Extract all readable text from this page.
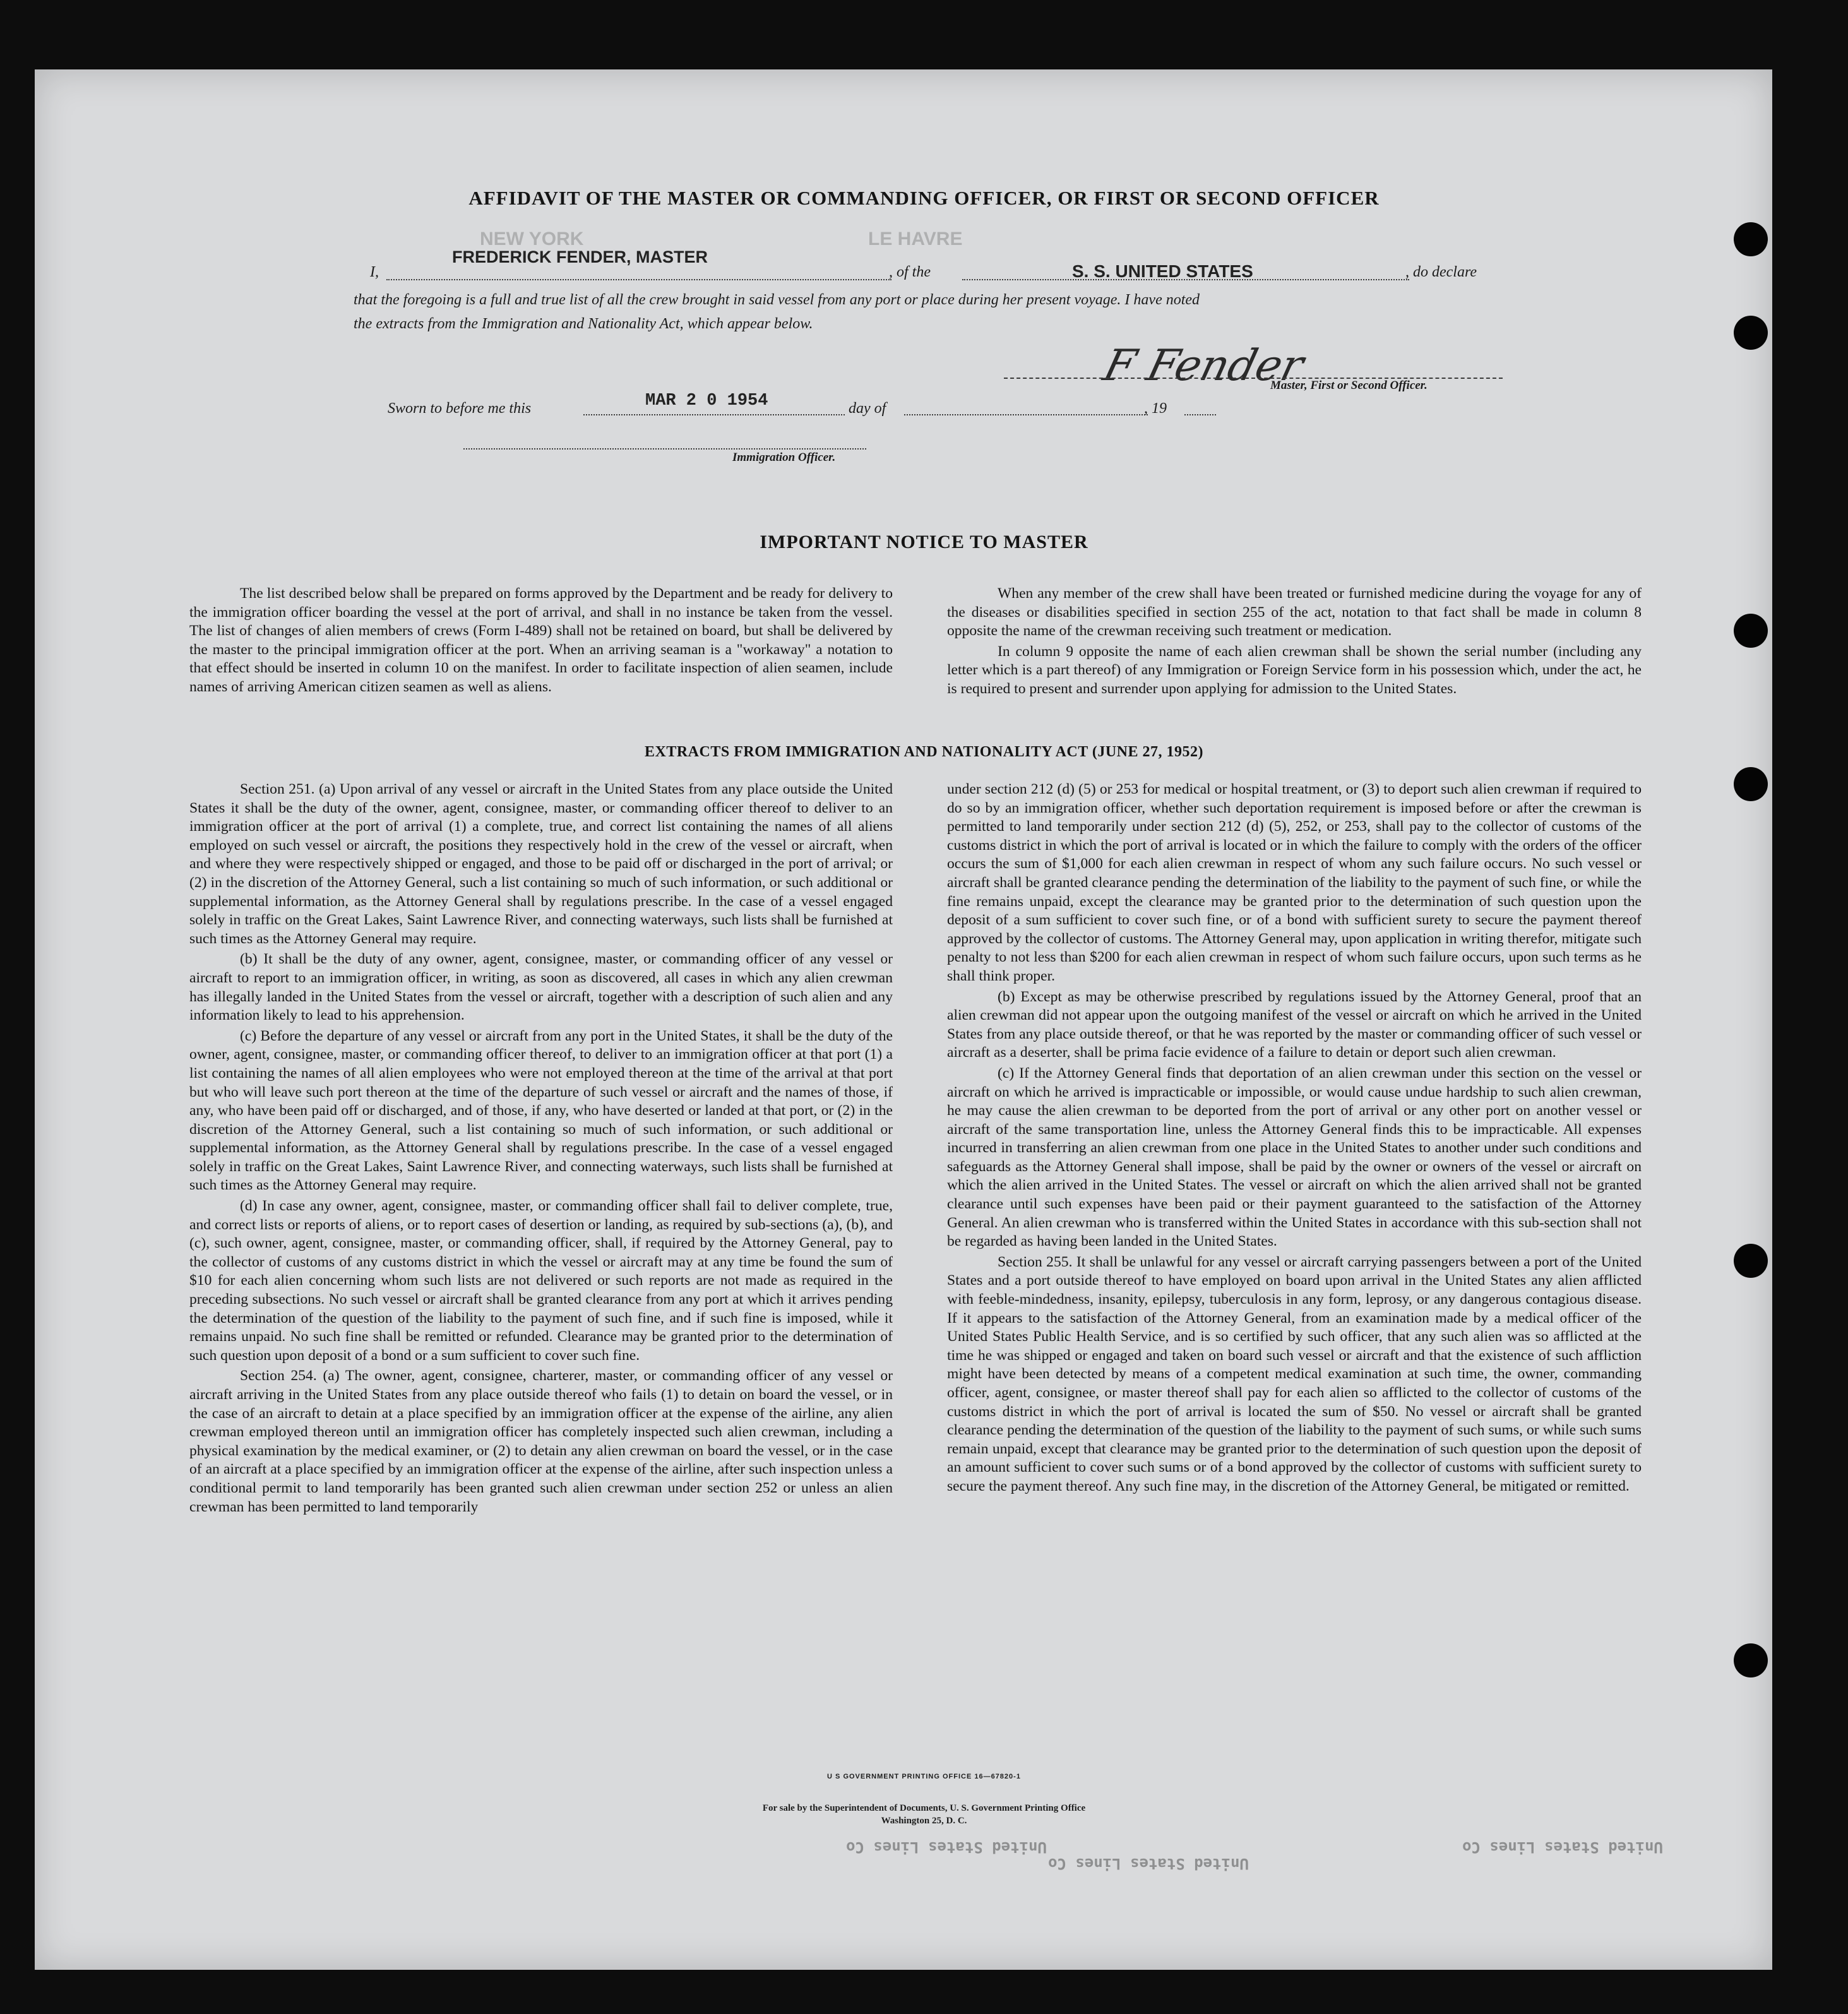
AFFIDAVIT OF THE MASTER OR COMMANDING OFFICER, OR FIRST OR SECOND OFFICER
NEW YORK	LE HAVRE
I,
FREDERICK FENDER, MASTER
, of the	S. S. UNITED STATES	, do declare
that the foregoing is a full and true list of all the crew brought in said vessel from any port or place during her present voyage. I have noted
the extracts from the Immigration and Nationality Act, which appear below.
F Fender
Master, First or Second Officer.
Sworn to before me this	MAR 2 0 1954	day of	, 19
Immigration Officer.
IMPORTANT NOTICE TO MASTER

The list described below shall be prepared on forms approved by the Department and be ready for delivery to the immigration officer boarding the vessel at the port of arrival, and shall in no instance be taken from the vessel. The list of changes of alien members of crews (Form I-489) shall not be retained on board, but shall be delivered by the master to the principal immigration officer at the port. When an arriving seaman is a "workaway" a notation to that effect should be inserted in column 10 on the manifest. In order to facilitate inspection of alien seamen, include names of arriving American citizen seamen as well as aliens.

When any member of the crew shall have been treated or furnished medicine during the voyage for any of the diseases or disabilities specified in section 255 of the act, notation to that fact shall be made in column 8 opposite the name of the crewman receiving such treatment or medication.

In column 9 opposite the name of each alien crewman shall be shown the serial number (including any letter which is a part thereof) of any Immigration or Foreign Service form in his possession which, under the act, he is required to present and surrender upon applying for admission to the United States.

EXTRACTS FROM IMMIGRATION AND NATIONALITY ACT (JUNE 27, 1952)

Section 251. (a) Upon arrival of any vessel or aircraft in the United States from any place outside the United States it shall be the duty of the owner, agent, consignee, master, or commanding officer thereof to deliver to an immigration officer at the port of arrival (1) a complete, true, and correct list containing the names of all aliens employed on such vessel or aircraft, the positions they respectively hold in the crew of the vessel or aircraft, when and where they were respectively shipped or engaged, and those to be paid off or discharged in the port of arrival; or (2) in the discretion of the Attorney General, such a list containing so much of such information, or such additional or supplemental information, as the Attorney General shall by regulations prescribe. In the case of a vessel engaged solely in traffic on the Great Lakes, Saint Lawrence River, and connecting waterways, such lists shall be furnished at such times as the Attorney General may require.

(b) It shall be the duty of any owner, agent, consignee, master, or commanding officer of any vessel or aircraft to report to an immigration officer, in writing, as soon as discovered, all cases in which any alien crewman has illegally landed in the United States from the vessel or aircraft, together with a description of such alien and any information likely to lead to his apprehension.

(c) Before the departure of any vessel or aircraft from any port in the United States, it shall be the duty of the owner, agent, consignee, master, or commanding officer thereof, to deliver to an immigration officer at that port (1) a list containing the names of all alien employees who were not employed thereon at the time of the arrival at that port but who will leave such port thereon at the time of the departure of such vessel or aircraft and the names of those, if any, who have been paid off or discharged, and of those, if any, who have deserted or landed at that port, or (2) in the discretion of the Attorney General, such a list containing so much of such information, or such additional or supplemental information, as the Attorney General shall by regulations prescribe. In the case of a vessel engaged solely in traffic on the Great Lakes, Saint Lawrence River, and connecting waterways, such lists shall be furnished at such times as the Attorney General may require.

(d) In case any owner, agent, consignee, master, or commanding officer shall fail to deliver complete, true, and correct lists or reports of aliens, or to report cases of desertion or landing, as required by sub-sections (a), (b), and (c), such owner, agent, consignee, master, or commanding officer, shall, if required by the Attorney General, pay to the collector of customs of any customs district in which the vessel or aircraft may at any time be found the sum of $10 for each alien concerning whom such lists are not delivered or such reports are not made as required in the preceding subsections. No such vessel or aircraft shall be granted clearance from any port at which it arrives pending the determination of the question of the liability to the payment of such fine, and if such fine is imposed, while it remains unpaid. No such fine shall be remitted or refunded. Clearance may be granted prior to the determination of such question upon deposit of a bond or a sum sufficient to cover such fine.

Section 254. (a) The owner, agent, consignee, charterer, master, or commanding officer of any vessel or aircraft arriving in the United States from any place outside thereof who fails (1) to detain on board the vessel, or in the case of an aircraft to detain at a place specified by an immigration officer at the expense of the airline, any alien crewman employed thereon until an immigration officer has completely inspected such alien crewman, including a physical examination by the medical examiner, or (2) to detain any alien crewman on board the vessel, or in the case of an aircraft at a place specified by an immigration officer at the expense of the airline, after such inspection unless a conditional permit to land temporarily has been granted such alien crewman under section 252 or unless an alien crewman has been permitted to land temporarily

under section 212 (d) (5) or 253 for medical or hospital treatment, or (3) to deport such alien crewman if required to do so by an immigration officer, whether such deportation requirement is imposed before or after the crewman is permitted to land temporarily under section 212 (d) (5), 252, or 253, shall pay to the collector of customs of the customs district in which the port of arrival is located or in which the failure to comply with the orders of the officer occurs the sum of $1,000 for each alien crewman in respect of whom any such failure occurs. No such vessel or aircraft shall be granted clearance pending the determination of the liability to the payment of such fine, or while the fine remains unpaid, except the clearance may be granted prior to the determination of such question upon the deposit of a sum sufficient to cover such fine, or of a bond with sufficient surety to secure the payment thereof approved by the collector of customs. The Attorney General may, upon application in writing therefor, mitigate such penalty to not less than $200 for each alien crewman in respect of whom such failure occurs, upon such terms as he shall think proper.

(b) Except as may be otherwise prescribed by regulations issued by the Attorney General, proof that an alien crewman did not appear upon the outgoing manifest of the vessel or aircraft on which he arrived in the United States from any place outside thereof, or that he was reported by the master or commanding officer of such vessel or aircraft as a deserter, shall be prima facie evidence of a failure to detain or deport such alien crewman.

(c) If the Attorney General finds that deportation of an alien crewman under this section on the vessel or aircraft on which he arrived is impracticable or impossible, or would cause undue hardship to such alien crewman, he may cause the alien crewman to be deported from the port of arrival or any other port on another vessel or aircraft of the same transportation line, unless the Attorney General finds this to be impracticable. All expenses incurred in transferring an alien crewman from one place in the United States to another under such conditions and safeguards as the Attorney General shall impose, shall be paid by the owner or owners of the vessel or aircraft on which the alien arrived in the United States. The vessel or aircraft on which the alien arrived shall not be granted clearance until such expenses have been paid or their payment guaranteed to the satisfaction of the Attorney General. An alien crewman who is transferred within the United States in accordance with this sub-section shall not be regarded as having been landed in the United States.

Section 255. It shall be unlawful for any vessel or aircraft carrying passengers between a port of the United States and a port outside thereof to have employed on board upon arrival in the United States any alien afflicted with feeble-mindedness, insanity, epilepsy, tuberculosis in any form, leprosy, or any dangerous contagious disease. If it appears to the satisfaction of the Attorney General, from an examination made by a medical officer of the United States Public Health Service, and is so certified by such officer, that any such alien was so afflicted at the time he was shipped or engaged and taken on board such vessel or aircraft and that the existence of such affliction might have been detected by means of a competent medical examination at such time, the owner, commanding officer, agent, consignee, or master thereof shall pay for each alien so afflicted to the collector of customs of the customs district in which the port of arrival is located the sum of $50. No vessel or aircraft shall be granted clearance pending the determination of the question of the liability to the payment of such sums, or while such sums remain unpaid, except that clearance may be granted prior to the determination of such question upon the deposit of an amount sufficient to cover such sums or of a bond approved by the collector of customs with sufficient surety to secure the payment thereof. Any such fine may, in the discretion of the Attorney General, be mitigated or remitted.

U S GOVERNMENT PRINTING OFFICE 16—67820-1
For sale by the Superintendent of Documents, U. S. Government Printing Office
Washington 25, D. C.
United States Lines Co
United States Lines Co
United States Lines Co
